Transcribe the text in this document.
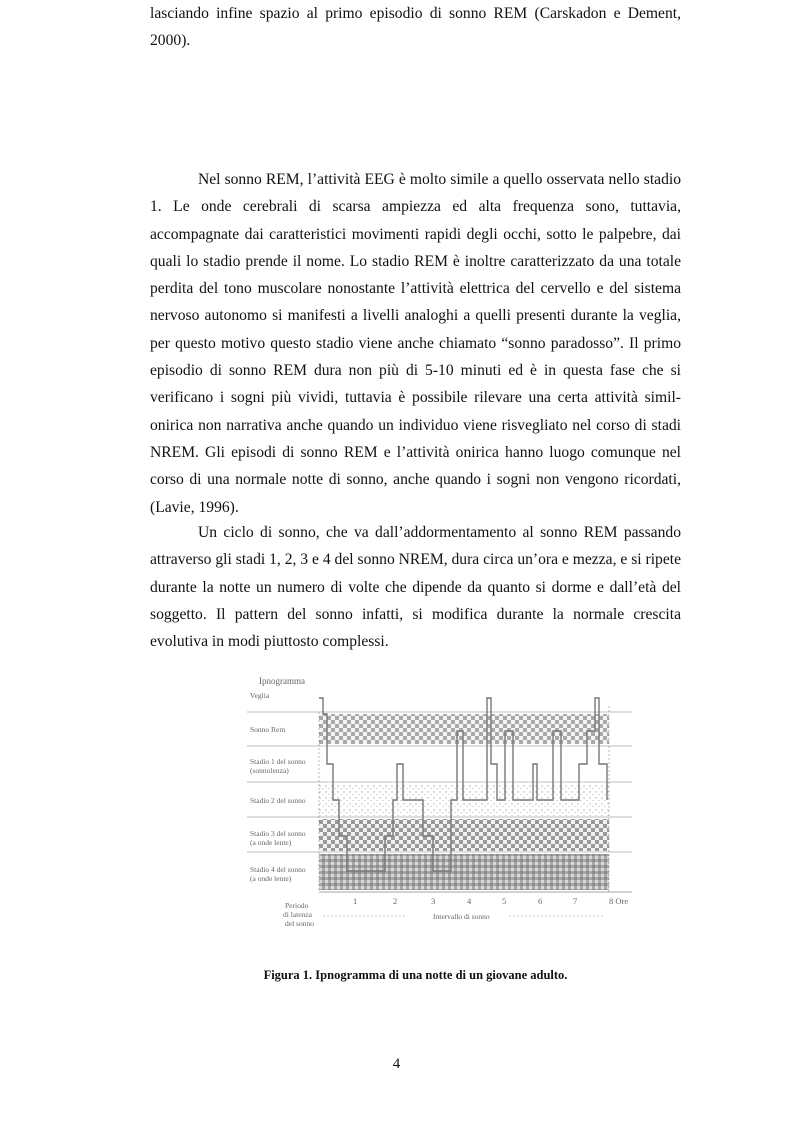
lasciando infine spazio al primo episodio di sonno REM (Carskadon e Dement, 2000).

Nel sonno REM, l’attività EEG è molto simile a quello osservata nello stadio 1. Le onde cerebrali di scarsa ampiezza ed alta frequenza sono, tuttavia, accompagnate dai caratteristici movimenti rapidi degli occhi, sotto le palpebre, dai quali lo stadio prende il nome. Lo stadio REM è inoltre caratterizzato da una totale perdita del tono muscolare nonostante l’attività elettrica del cervello e del sistema nervoso autonomo si manifesti a livelli analoghi a quelli presenti durante la veglia, per questo motivo questo stadio viene anche chiamato “sonno paradosso”. Il primo episodio di sonno REM dura non più di 5-10 minuti ed è in questa fase che si verificano i sogni più vividi, tuttavia è possibile rilevare una certa attività simil-onirica non narrativa anche quando un individuo viene risvegliato nel corso di stadi NREM. Gli episodi di sonno REM e l’attività onirica hanno luogo comunque nel corso di una normale notte di sonno, anche quando i sogni non vengono ricordati, (Lavie, 1996).

Un ciclo di sonno, che va dall’addormentamento al sonno REM passando attraverso gli stadi 1, 2, 3 e 4 del sonno NREM, dura circa un’ora e mezza, e si ripete durante la notte un numero di volte che dipende da quanto si dorme e dall’età del soggetto. Il pattern del sonno infatti, si modifica durante la normale crescita evolutiva in modi piuttosto complessi.

Ipnogramma
Veglia
Sonno Rem
Stadio 1 del sonno
(sonnolenza)
Stadio 2 del sonno
Stadio 3 del sonno
(a onde lente)
Stadio 4 del sonno
(a onde lente)
1	2	3	4	5	6	7	8 Ore
Periodo
di latenza
del sonno
Intervallo di sonno
Figura 1. Ipnogramma di una notte di un giovane adulto.
4
